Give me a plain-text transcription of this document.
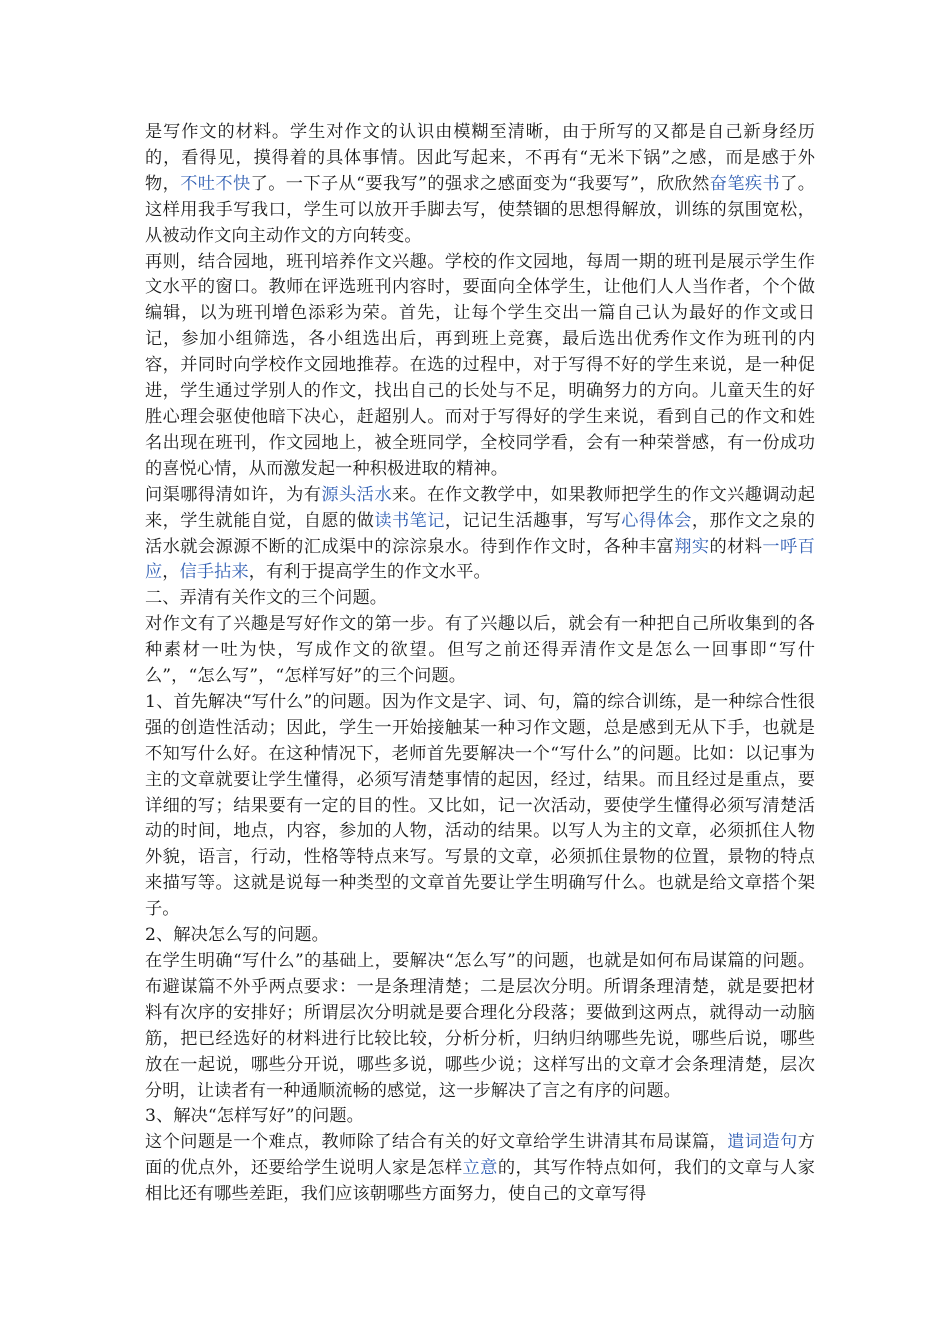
是写作文的材料。学生对作文的认识由模糊至清晰，由于所写的又都是自己新身经历的，看得见，摸得着的具体事情。因此写起来，不再有“无米下锅”之感，而是感于外物，不吐不快了。一下子从“要我写”的强求之感面变为“我要写”，欣欣然奋笔疾书了。这样用我手写我口，学生可以放开手脚去写，使禁锢的思想得解放，训练的氛围宽松，从被动作文向主动作文的方向转变。

再则，结合园地，班刊培养作文兴趣。学校的作文园地，每周一期的班刊是展示学生作文水平的窗口。教师在评选班刊内容时，要面向全体学生，让他们人人当作者，个个做编辑，以为班刊增色添彩为荣。首先，让每个学生交出一篇自己认为最好的作文或日记，参加小组筛选，各小组选出后，再到班上竞赛，最后选出优秀作文作为班刊的内容，并同时向学校作文园地推荐。在选的过程中，对于写得不好的学生来说，是一种促进，学生通过学别人的作文，找出自己的长处与不足，明确努力的方向。儿童天生的好胜心理会驱使他暗下决心，赶超别人。而对于写得好的学生来说，看到自己的作文和姓名出现在班刊，作文园地上，被全班同学，全校同学看，会有一种荣誉感，有一份成功的喜悦心情，从而激发起一种积极进取的精神。

问渠哪得清如许，为有源头活水来。在作文教学中，如果教师把学生的作文兴趣调动起来，学生就能自觉，自愿的做读书笔记，记记生活趣事，写写心得体会，那作文之泉的活水就会源源不断的汇成渠中的淙淙泉水。待到作作文时，各种丰富翔实的材料一呼百应，信手拈来，有利于提高学生的作文水平。

二、弄清有关作文的三个问题。

对作文有了兴趣是写好作文的第一步。有了兴趣以后，就会有一种把自己所收集到的各种素材一吐为快，写成作文的欲望。但写之前还得弄清作文是怎么一回事即“写什么”，“怎么写”，“怎样写好”的三个问题。

1、首先解决“写什么”的问题。因为作文是字、词、句，篇的综合训练，是一种综合性很强的创造性活动；因此，学生一开始接触某一种习作文题，总是感到无从下手，也就是不知写什么好。在这种情况下，老师首先要解决一个“写什么”的问题。比如：以记事为主的文章就要让学生懂得，必须写清楚事情的起因，经过，结果。而且经过是重点，要详细的写；结果要有一定的目的性。又比如，记一次活动，要使学生懂得必须写清楚活动的时间，地点，内容，参加的人物，活动的结果。以写人为主的文章，必须抓住人物外貌，语言，行动，性格等特点来写。写景的文章，必须抓住景物的位置，景物的特点来描写等。这就是说每一种类型的文章首先要让学生明确写什么。也就是给文章搭个架子。

2、解决怎么写的问题。

在学生明确“写什么”的基础上，要解决“怎么写”的问题，也就是如何布局谋篇的问题。布避谋篇不外乎两点要求：一是条理清楚；二是层次分明。所谓条理清楚，就是要把材料有次序的安排好；所谓层次分明就是要合理化分段落；要做到这两点，就得动一动脑筋，把已经选好的材料进行比较比较，分析分析，归纳归纳哪些先说，哪些后说，哪些放在一起说，哪些分开说，哪些多说，哪些少说；这样写出的文章才会条理清楚，层次分明，让读者有一种通顺流畅的感觉，这一步解决了言之有序的问题。

3、解决“怎样写好”的问题。

这个问题是一个难点，教师除了结合有关的好文章给学生讲清其布局谋篇，遣词造句方面的优点外，还要给学生说明人家是怎样立意的，其写作特点如何，我们的文章与人家相比还有哪些差距，我们应该朝哪些方面努力，使自己的文章写得
